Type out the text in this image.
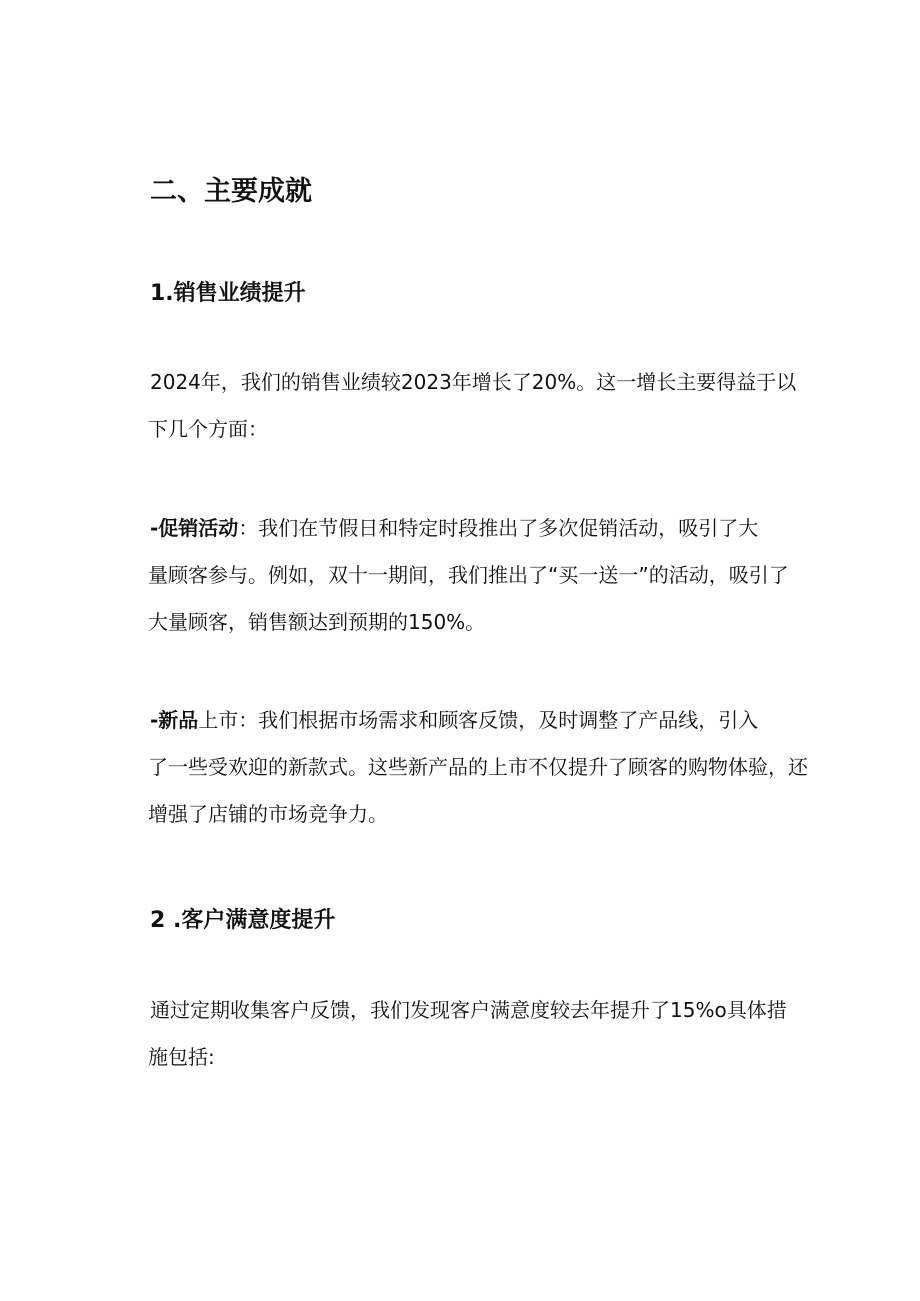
二、主要成就
1.销售业绩提升
2024年，我们的销售业绩较2023年增长了20%。这一增长主要得益于以
下几个方面：
-促销活动：我们在节假日和特定时段推出了多次促销活动，吸引了大
量顾客参与。例如，双十一期间，我们推出了“买一送一”的活动，吸引了
大量顾客，销售额达到预期的150%。
-新品上市：我们根据市场需求和顾客反馈，及时调整了产品线，引入
了一些受欢迎的新款式。这些新产品的上市不仅提升了顾客的购物体验，还
增强了店铺的市场竞争力。
2 .客户满意度提升
通过定期收集客户反馈，我们发现客户满意度较去年提升了15%o具体措
施包括:
